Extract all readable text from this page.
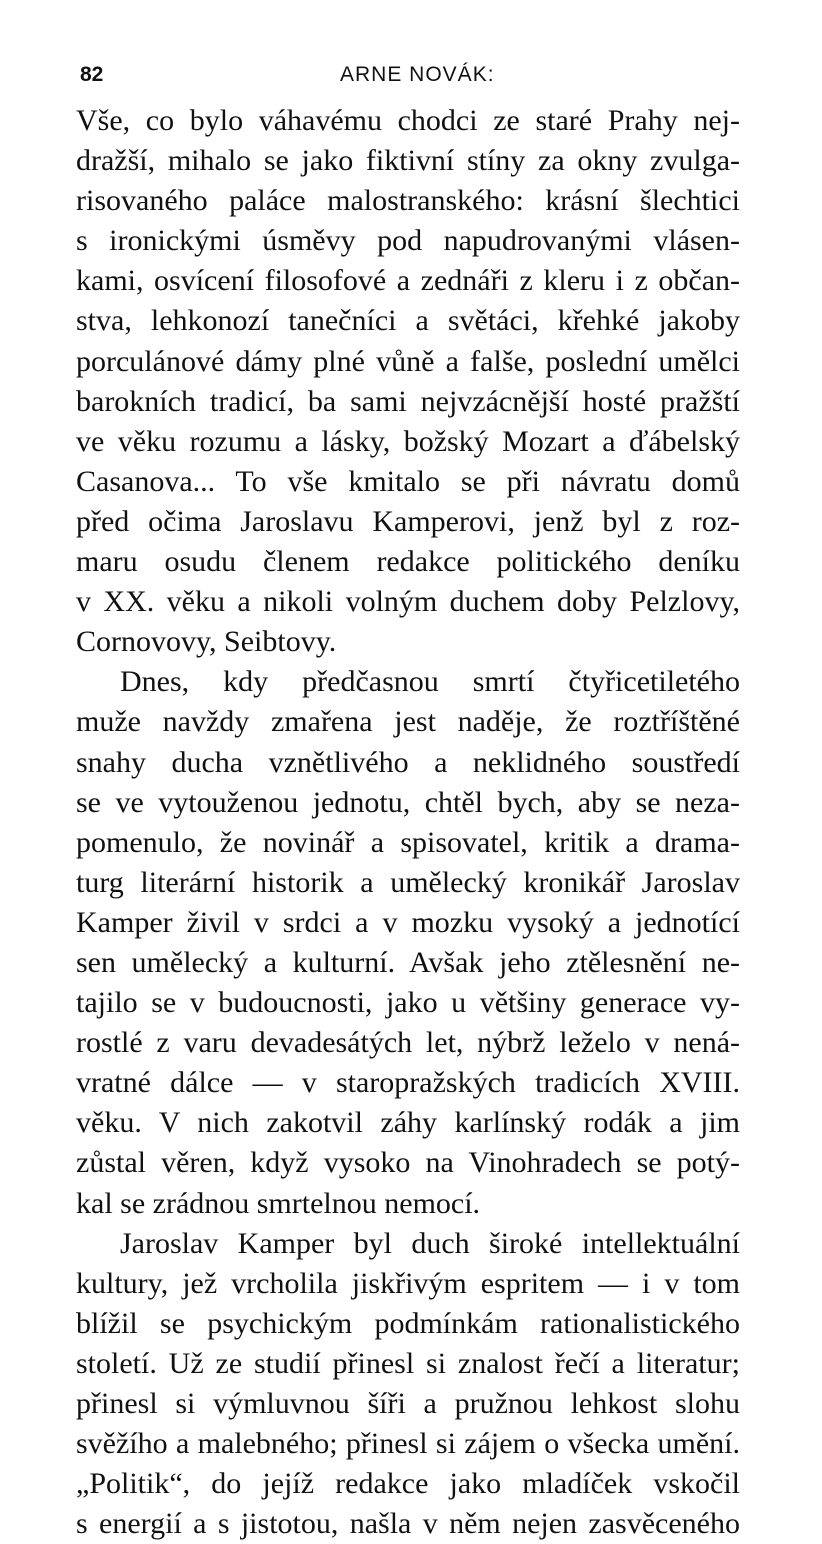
82	ARNE NOVÁK:
Vše, co bylo váhavému chodci ze staré Prahy nej-
dražší, mihalo se jako fiktivní stíny za okny zvulga-
risovaného paláce malostranského: krásní šlechtici
s ironickými úsměvy pod napudrovanými vlásen-
kami, osvícení filosofové a zednáři z kleru i z občan-
stva, lehkonozí tanečníci a světáci, křehké jakoby
porculánové dámy plné vůně a falše, poslední umělci
barokních tradicí, ba sami nejvzácnější hosté pražští
ve věku rozumu a lásky, božský Mozart a ďábelský
Casanova... To vše kmitalo se při návratu domů
před očima Jaroslavu Kamperovi, jenž byl z roz-
maru osudu členem redakce politického deníku
v XX. věku a nikoli volným duchem doby Pelzlovy,
Cornovovy, Seibtovy.
Dnes, kdy předčasnou smrtí čtyřicetiletého
muže navždy zmařena jest naděje, že roztříštěné
snahy ducha vznětlivého a neklidného soustředí
se ve vytouženou jednotu, chtěl bych, aby se neza-
pomenulo, že novinář a spisovatel, kritik a drama-
turg literární historik a umělecký kronikář Jaroslav
Kamper živil v srdci a v mozku vysoký a jednotící
sen umělecký a kulturní. Avšak jeho ztělesnění ne-
tajilo se v budoucnosti, jako u většiny generace vy-
rostlé z varu devadesátých let, nýbrž leželo v nená-
vratné dálce — v staropražských tradicích XVIII.
věku. V nich zakotvil záhy karlínský rodák a jim
zůstal věren, když vysoko na Vinohradech se potý-
kal se zrádnou smrtelnou nemocí.
Jaroslav Kamper byl duch široké intellektuální
kultury, jež vrcholila jiskřivým espritem — i v tom
blížil se psychickým podmínkám rationalistického
století. Už ze studií přinesl si znalost řečí a literatur;
přinesl si výmluvnou šíři a pružnou lehkost slohu
svěžího a malebného; přinesl si zájem o všecka umění.
„Politik“, do jejíž redakce jako mladíček vskočil
s energií a s jistotou, našla v něm nejen zasvěceného
